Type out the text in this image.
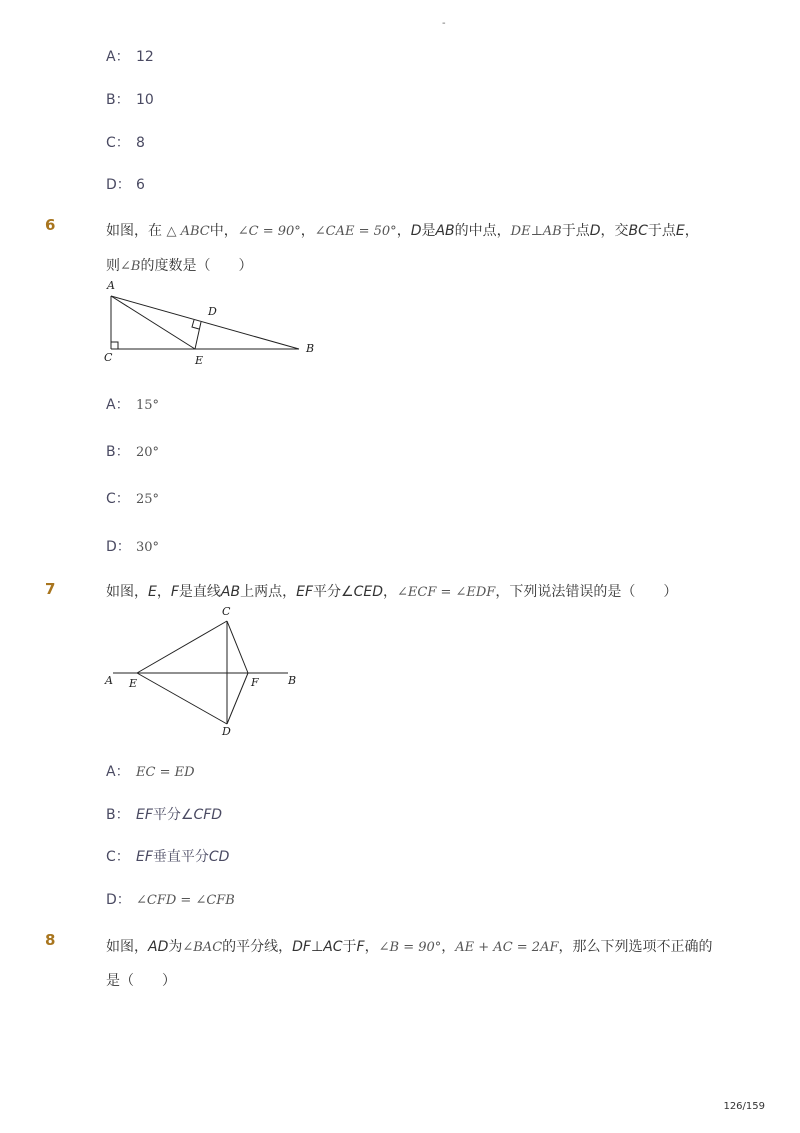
-
A： 12
B： 10
C： 8
D： 6
6	如图，在 △ ABC中，∠C = 90°，∠CAE = 50°，D是AB的中点，DE⊥AB于点D，交BC于点E，
则∠B的度数是（　　）
A
C	E
D
B
A： 15°
B： 20°
C： 25°
D： 30°
7	如图，E，F是直线AB上两点，EF平分∠CED，∠ECF = ∠EDF，下列说法错误的是（　　）
C
A E	F	B
D
A： EC = ED
B： EF平分∠CFD
C： EF垂直平分CD
D： ∠CFD = ∠CFB
8	如图，AD为∠BAC的平分线，DF⊥AC于F，∠B = 90°，AE + AC = 2AF，那么下列选项不正确的
是（　　）
126/159
